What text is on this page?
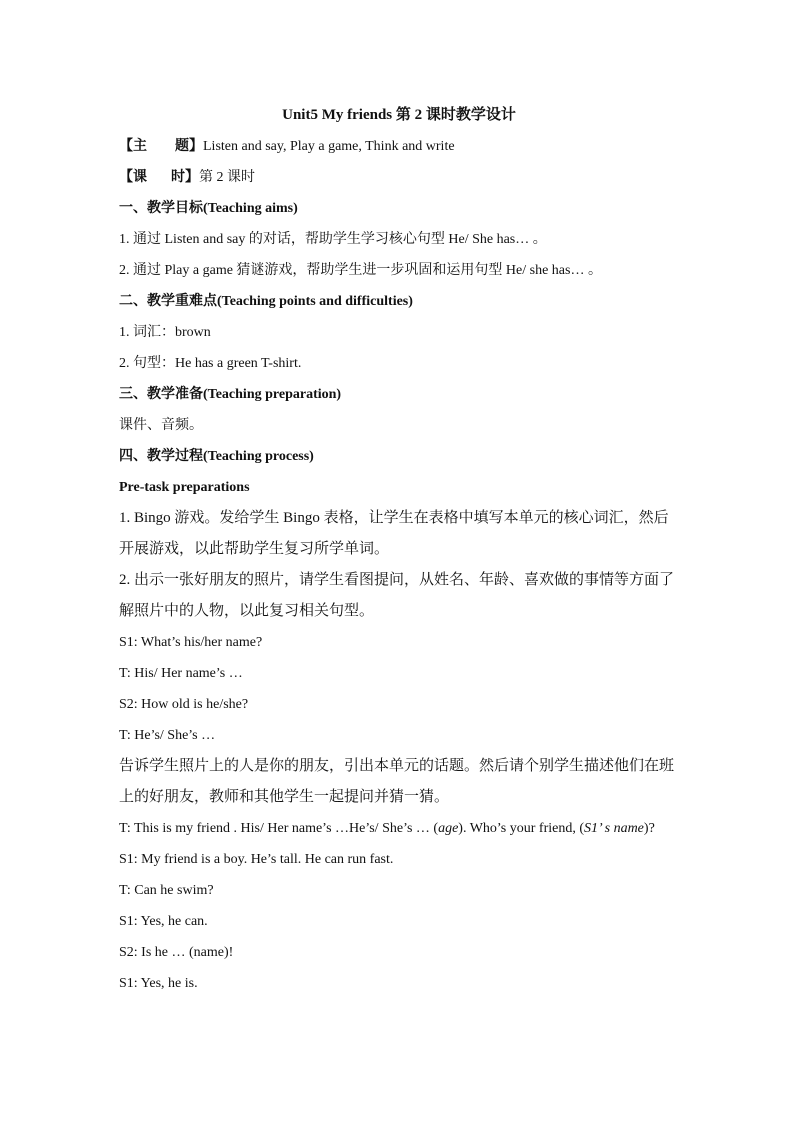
Unit5 My friends 第 2 课时教学设计
【主 题】Listen and say, Play a game, Think and write
【课 时】第 2 课时
一、教学目标(Teaching aims)
1. 通过 Listen and say 的对话，帮助学生学习核心句型 He/ She has… 。
2. 通过 Play a game 猜谜游戏，帮助学生进一步巩固和运用句型 He/ she has… 。
二、教学重难点(Teaching points and difficulties)
1. 词汇：brown
2. 句型：He has a green T-shirt.
三、教学准备(Teaching preparation)
课件、音频。
四、教学过程(Teaching process)
Pre-task preparations
1. Bingo 游戏。发给学生 Bingo 表格，让学生在表格中填写本单元的核心词汇，然后开展游戏，以此帮助学生复习所学单词。
2. 出示一张好朋友的照片，请学生看图提问，从姓名、年龄、喜欢做的事情等方面了解照片中的人物，以此复习相关句型。
S1: What’s his/her name?
T: His/ Her name’s …
S2: How old is he/she?
T: He’s/ She’s …
告诉学生照片上的人是你的朋友，引出本单元的话题。然后请个别学生描述他们在班上的好朋友，教师和其他学生一起提问并猜一猜。
T: This is my friend . His/ Her name’s …He’s/ She’s … (age). Who’s your friend, (S1’ s name)?
S1: My friend is a boy. He’s tall. He can run fast.
T: Can he swim?
S1: Yes, he can.
S2: Is he … (name)!
S1: Yes, he is.
